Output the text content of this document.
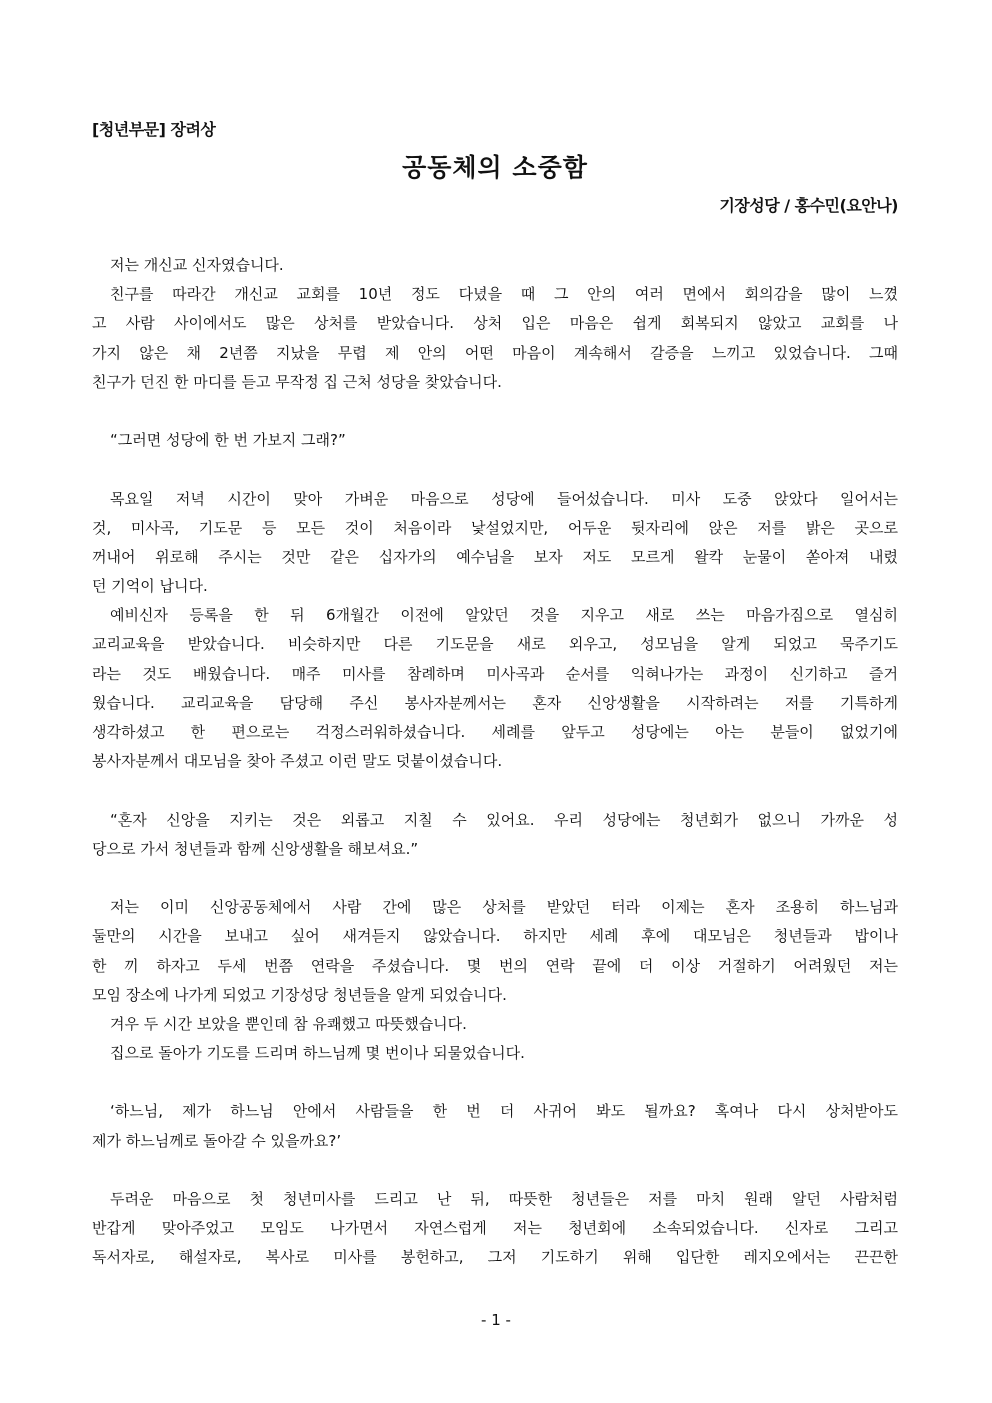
[청년부문] 장려상
공동체의 소중함
기장성당 / 홍수민(요안나)
저는 개신교 신자였습니다.
친구를 따라간 개신교 교회를 10년 정도 다녔을 때 그 안의 여러 면에서 회의감을 많이 느꼈
고 사람 사이에서도 많은 상처를 받았습니다. 상처 입은 마음은 쉽게 회복되지 않았고 교회를 나
가지 않은 채 2년쯤 지났을 무렵 제 안의 어떤 마음이 계속해서 갈증을 느끼고 있었습니다. 그때
친구가 던진 한 마디를 듣고 무작정 집 근처 성당을 찾았습니다.
“그러면 성당에 한 번 가보지 그래?”
목요일 저녁 시간이 맞아 가벼운 마음으로 성당에 들어섰습니다. 미사 도중 앉았다 일어서는
것, 미사곡, 기도문 등 모든 것이 처음이라 낯설었지만, 어두운 뒷자리에 앉은 저를 밝은 곳으로
꺼내어 위로해 주시는 것만 같은 십자가의 예수님을 보자 저도 모르게 왈칵 눈물이 쏟아져 내렸
던 기억이 납니다.
예비신자 등록을 한 뒤 6개월간 이전에 알았던 것을 지우고 새로 쓰는 마음가짐으로 열심히
교리교육을 받았습니다. 비슷하지만 다른 기도문을 새로 외우고, 성모님을 알게 되었고 묵주기도
라는 것도 배웠습니다. 매주 미사를 참례하며 미사곡과 순서를 익혀나가는 과정이 신기하고 즐거
웠습니다. 교리교육을 담당해 주신 봉사자분께서는 혼자 신앙생활을 시작하려는 저를 기특하게
생각하셨고 한 편으로는 걱정스러워하셨습니다. 세례를 앞두고 성당에는 아는 분들이 없었기에
봉사자분께서 대모님을 찾아 주셨고 이런 말도 덧붙이셨습니다.
“혼자 신앙을 지키는 것은 외롭고 지칠 수 있어요. 우리 성당에는 청년회가 없으니 가까운 성
당으로 가서 청년들과 함께 신앙생활을 해보셔요.”
저는 이미 신앙공동체에서 사람 간에 많은 상처를 받았던 터라 이제는 혼자 조용히 하느님과
둘만의 시간을 보내고 싶어 새겨듣지 않았습니다. 하지만 세례 후에 대모님은 청년들과 밥이나
한 끼 하자고 두세 번쯤 연락을 주셨습니다. 몇 번의 연락 끝에 더 이상 거절하기 어려웠던 저는
모임 장소에 나가게 되었고 기장성당 청년들을 알게 되었습니다.
겨우 두 시간 보았을 뿐인데 참 유쾌했고 따뜻했습니다.
집으로 돌아가 기도를 드리며 하느님께 몇 번이나 되물었습니다.
‘하느님, 제가 하느님 안에서 사람들을 한 번 더 사귀어 봐도 될까요? 혹여나 다시 상처받아도
제가 하느님께로 돌아갈 수 있을까요?’
두려운 마음으로 첫 청년미사를 드리고 난 뒤, 따뜻한 청년들은 저를 마치 원래 알던 사람처럼
반갑게 맞아주었고 모임도 나가면서 자연스럽게 저는 청년회에 소속되었습니다. 신자로 그리고
독서자로, 해설자로, 복사로 미사를 봉헌하고, 그저 기도하기 위해 입단한 레지오에서는 끈끈한
- 1 -
